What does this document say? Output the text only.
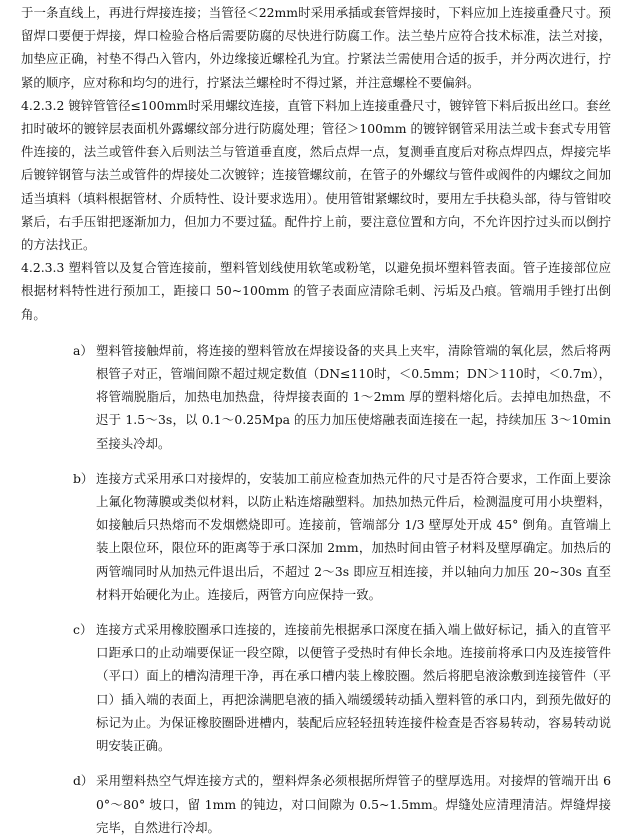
于一条直线上，再进行焊接连接；当管径＜22mm时采用承插或套管焊接时，下料应加上连接重叠尺寸。预留焊口要便于焊接，焊口检验合格后需要防腐的尽快进行防腐工作。法兰垫片应符合技术标准，法兰对接，加垫应正确，衬垫不得凸入管内，外边缘接近螺栓孔为宜。拧紧法兰需使用合适的扳手，并分两次进行，拧紧的顺序，应对称和均匀的进行，拧紧法兰螺栓时不得过紧，并注意螺栓不要偏斜。

4.2.3.2 镀锌管管径≤100mm时采用螺纹连接，直管下料加上连接重叠尺寸，镀锌管下料后扳出丝口。套丝扣时破坏的镀锌层表面机外露螺纹部分进行防腐处理；管径＞100mm 的镀锌钢管采用法兰或卡套式专用管件连接的，法兰或管件套入后则法兰与管道垂直度，然后点焊一点，复测垂直度后对称点焊四点，焊接完毕后镀锌钢管与法兰或管件的焊接处二次镀锌；连接管螺纹前，在管子的外螺纹与管件或阀件的内螺纹之间加适当填料（填料根据管材、介质特性、设计要求选用）。使用管钳紧螺纹时，要用左手扶稳头部，待与管钳咬紧后，右手压钳把逐渐加力，但加力不要过猛。配件拧上前，要注意位置和方向，不允许因拧过头而以倒拧的方法找正。

4.2.3.3 塑料管以及复合管连接前，塑料管划线使用软笔或粉笔，以避免损坏塑料管表面。管子连接部位应根据材料特性进行预加工，距接口 50~100mm 的管子表面应清除毛刺、污垢及凸痕。管端用手锉打出倒角。

a） 塑料管接触焊前，将连接的塑料管放在焊接设备的夹具上夹牢，清除管端的氧化层，然后将两根管子对正，管端间隙不超过规定数值（DN≤110时，＜0.5mm；DN＞110时，＜0.7m），将管端脱脂后，加热电加热盘，待焊接表面的 1～2mm 厚的塑料熔化后。去掉电加热盘，不迟于 1.5～3s，以 0.1～0.25Mpa 的压力加压使熔融表面连接在一起，持续加压 3～10min 至接头冷却。

b） 连接方式采用承口对接焊的，安装加工前应检查加热元件的尺寸是否符合要求，工作面上要涂上氟化物薄膜或类似材料，以防止粘连熔融塑料。加热加热元件后，检测温度可用小块塑料，如接触后只热熔而不发烟燃烧即可。连接前，管端部分 1/3 壁厚处开成 45° 倒角。直管端上装上限位环，限位环的距离等于承口深加 2mm，加热时间由管子材料及壁厚确定。加热后的两管端同时从加热元件退出后，不超过 2～3s 即应互相连接，并以轴向力加压 20~30s 直至材料开始硬化为止。连接后，两管方向应保持一致。

c） 连接方式采用橡胶圈承口连接的，连接前先根据承口深度在插入端上做好标记，插入的直管平口距承口的止动端要保证一段空隙，以便管子受热时有伸长余地。连接前将承口内及连接管件（平口）面上的槽沟清理干净，再在承口槽内装上橡胶圈。然后将肥皂液涂敷到连接管件（平口）插入端的表面上，再把涂满肥皂液的插入端缓缓转动插入塑料管的承口内，到预先做好的标记为止。为保证橡胶圈卧进槽内，装配后应轻轻扭转连接件检查是否容易转动，容易转动说明安装正确。

d） 采用塑料热空气焊连接方式的，塑料焊条必须根据所焊管子的壁厚选用。对接焊的管端开出 60°～80° 坡口，留 1mm 的钝边，对口间隙为 0.5~1.5mm。焊缝处应清理清洁。焊缝焊接完毕，自然进行冷却。
